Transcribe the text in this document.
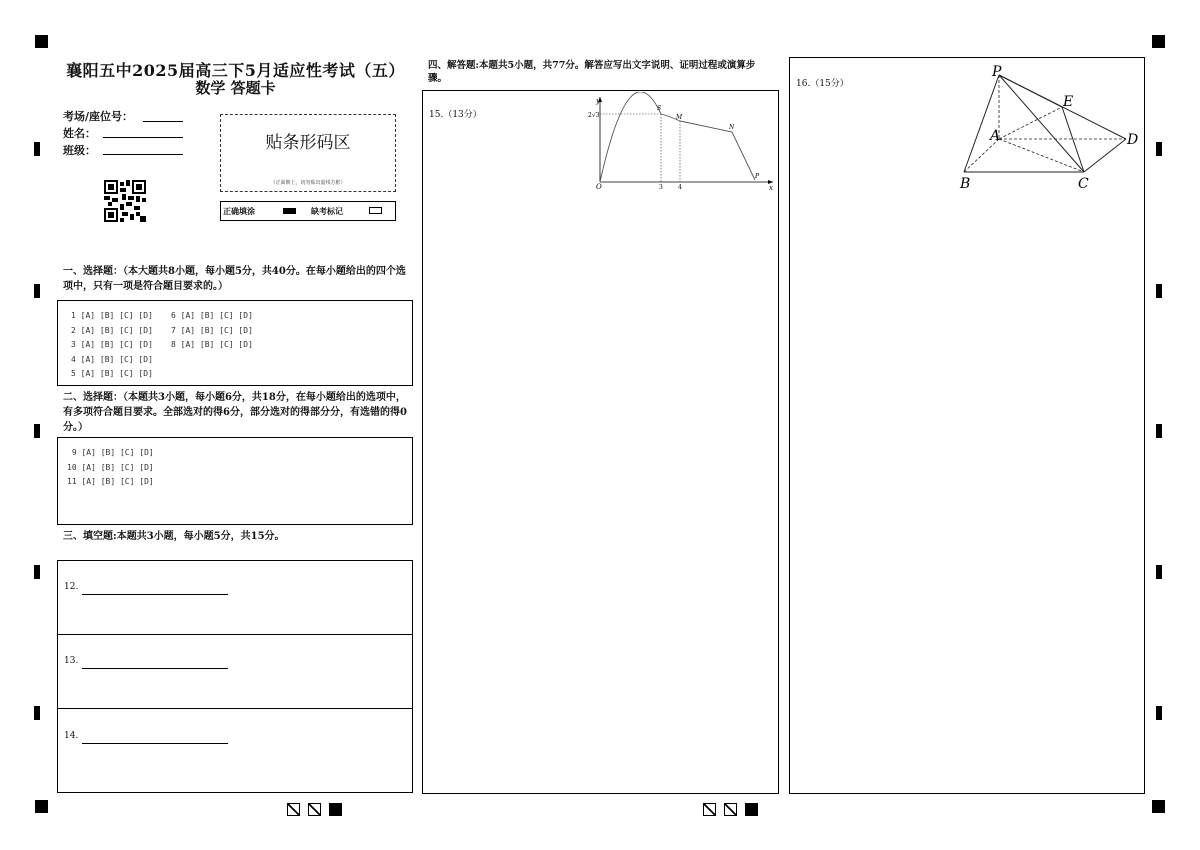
襄阳五中2025届高三下5月适应性考试（五）
数学 答题卡
考场/座位号：
姓名：
班级：	贴条形码区
（正面朝上，切勿贴出虚线方框）
正确填涂	缺考标记
一、选择题：（本大题共8小题，每小题5分，共40分。在每小题给出的四个选项中，只有一项是符合题目要求的。）
1 [A] [B] [C] [D]
2 [A] [B] [C] [D]
3 [A] [B] [C] [D]
4 [A] [B] [C] [D]
5 [A] [B] [C] [D]
6 [A] [B] [C] [D]
7 [A] [B] [C] [D]
8 [A] [B] [C] [D]
二、选择题：（本题共3小题，每小题6分，共18分，在每小题给出的选项中，有多项符合题目要求。全部选对的得6分，部分选对的得部分分，有选错的得0分。）
9 [A] [B] [C] [D]
10 [A] [B] [C] [D]
11 [A] [B] [C] [D]
三、填空题:本题共3小题，每小题5分，共15分。
12.
13.
14.
四、解答题:本题共5小题，共77分。解答应写出文字说明、证明过程或演算步骤。
15.（13分）
y
x
O
2√3
3	4
S
M
N
P
16.（15分）
P
E
A	D
B	C
